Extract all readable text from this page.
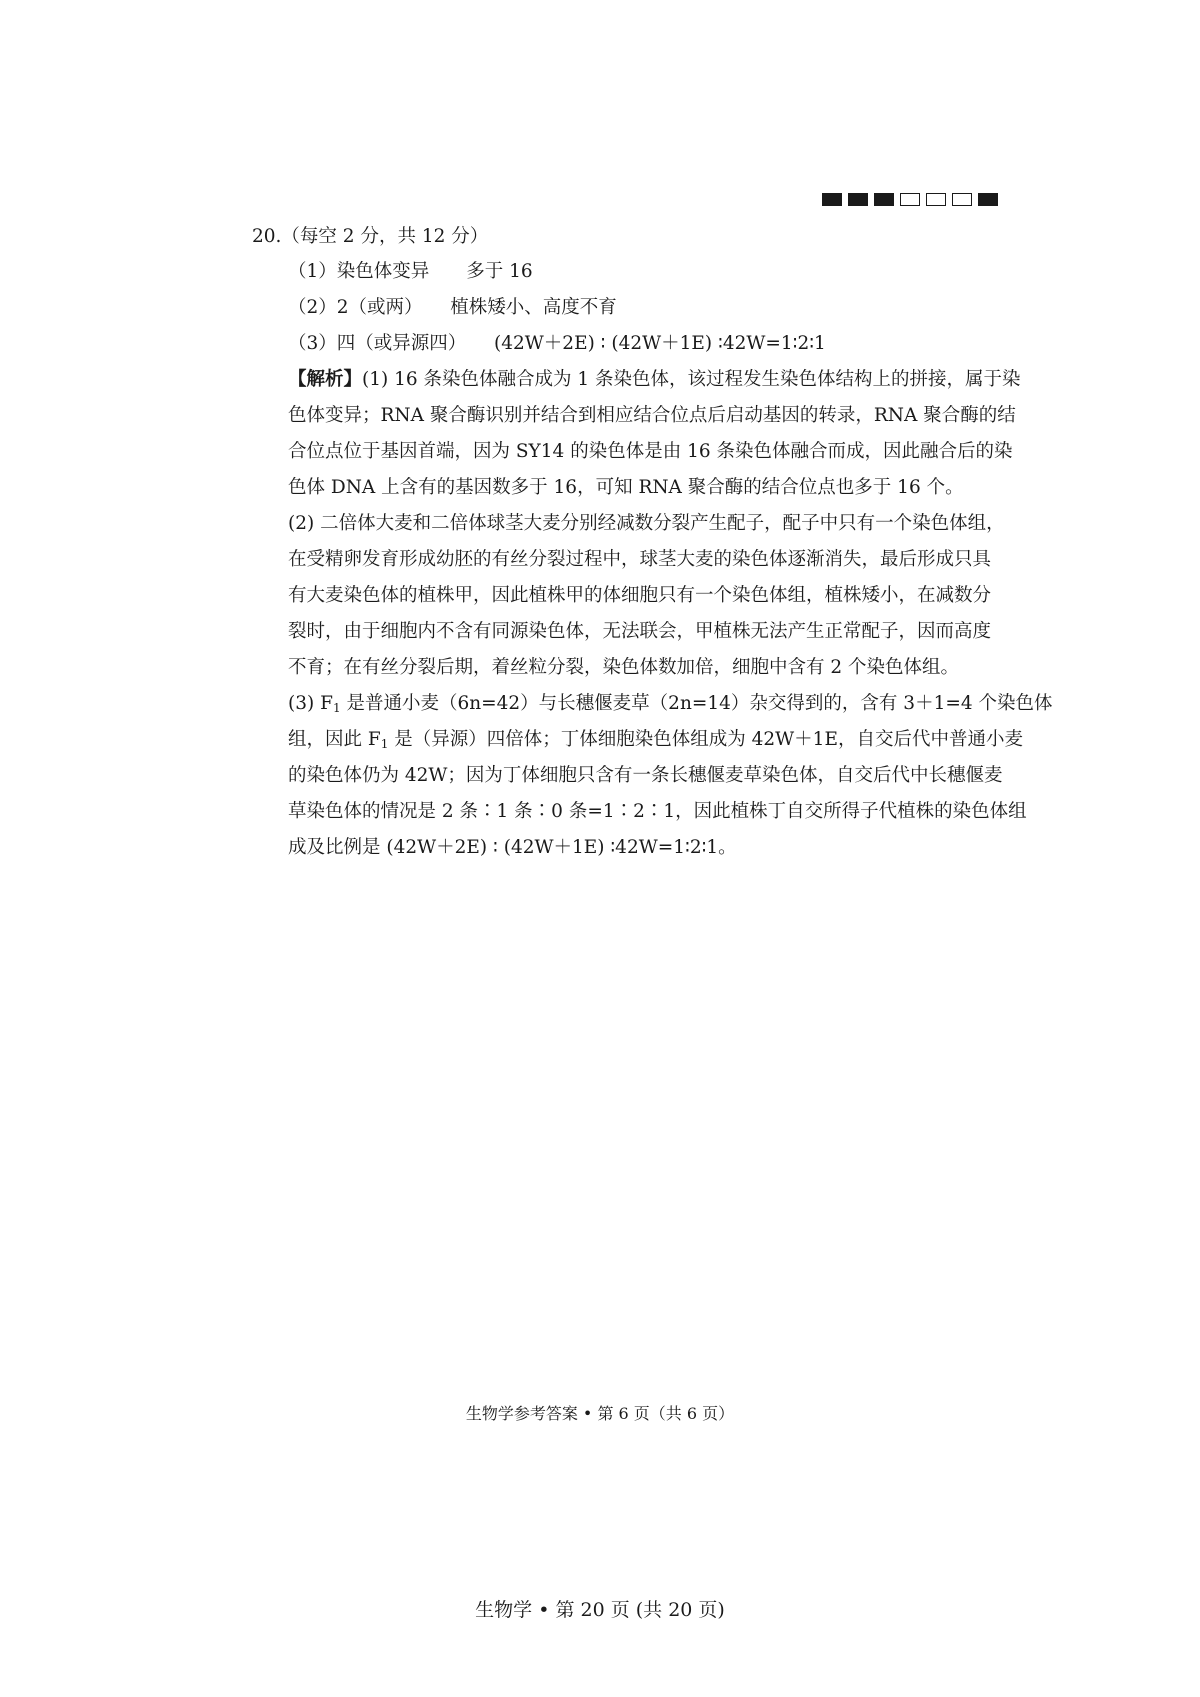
20.（每空 2 分，共 12 分）
（1）染色体变异　　多于 16
（2）2（或两）　　植株矮小、高度不育
（3）四（或异源四）　　(42W＋2E) ∶ (42W＋1E) ∶42W=1∶2∶1
【解析】(1) 16 条染色体融合成为 1 条染色体，该过程发生染色体结构上的拼接，属于染
色体变异；RNA 聚合酶识别并结合到相应结合位点后启动基因的转录，RNA 聚合酶的结
合位点位于基因首端，因为 SY14 的染色体是由 16 条染色体融合而成，因此融合后的染
色体 DNA 上含有的基因数多于 16，可知 RNA 聚合酶的结合位点也多于 16 个。
(2) 二倍体大麦和二倍体球茎大麦分别经减数分裂产生配子，配子中只有一个染色体组，
在受精卵发育形成幼胚的有丝分裂过程中，球茎大麦的染色体逐渐消失，最后形成只具
有大麦染色体的植株甲，因此植株甲的体细胞只有一个染色体组，植株矮小，在减数分
裂时，由于细胞内不含有同源染色体，无法联会，甲植株无法产生正常配子，因而高度
不育；在有丝分裂后期，着丝粒分裂，染色体数加倍，细胞中含有 2 个染色体组。
(3) $F_1$ 是普通小麦（6n=42）与长穗偃麦草（2n=14）杂交得到的，含有 3＋1=4 个染色体
组，因此 $F_1$ 是（异源）四倍体；丁体细胞染色体组成为 42W＋1E，自交后代中普通小麦
的染色体仍为 42W；因为丁体细胞只含有一条长穗偃麦草染色体，自交后代中长穗偃麦
草染色体的情况是 2 条∶1 条∶0 条=1∶2∶1，因此植株丁自交所得子代植株的染色体组
成及比例是 (42W＋2E) ∶ (42W＋1E) ∶42W=1∶2∶1。
生物学参考答案 • 第 6 页（共 6 页）
生物学 • 第 20 页 (共 20 页)
